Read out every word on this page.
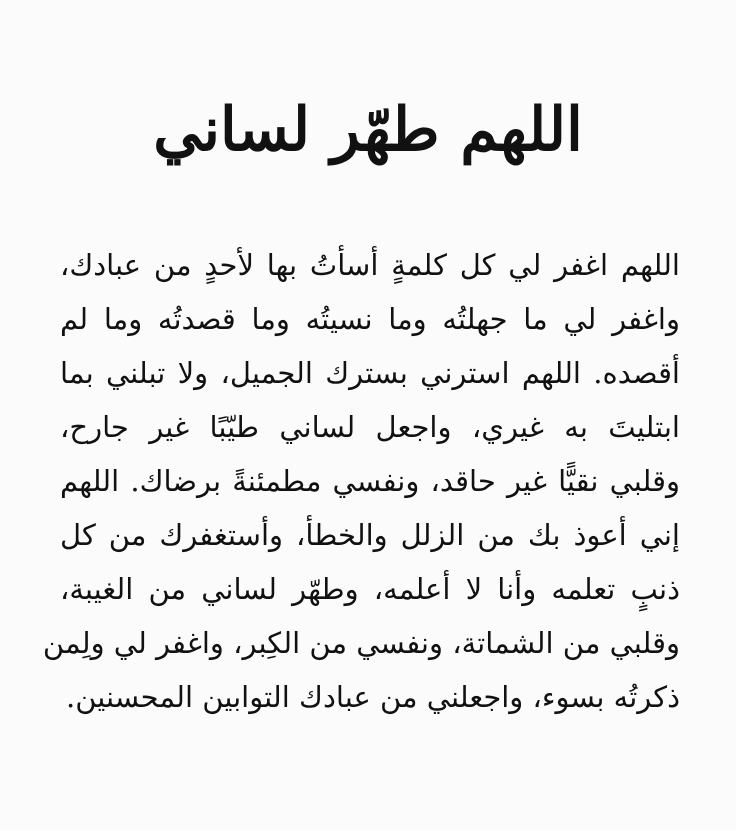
اللهم طهّر لساني
اللهم اغفر لي كل كلمةٍ أسأتُ بها لأحدٍ من عبادك،
واغفر لي ما جهلتُه وما نسيتُه وما قصدتُه وما لم
أقصده. اللهم استرني بسترك الجميل، ولا تبلني بما
ابتليتَ به غيري، واجعل لساني طيّبًا غير جارح،
وقلبي نقيًّا غير حاقد، ونفسي مطمئنةً برضاك. اللهم
إني أعوذ بك من الزلل والخطأ، وأستغفرك من كل
ذنبٍ تعلمه وأنا لا أعلمه، وطهّر لساني من الغيبة،
وقلبي من الشماتة، ونفسي من الكِبر، واغفر لي ولِمن
ذكرتُه بسوء، واجعلني من عبادك التوابين المحسنين.
